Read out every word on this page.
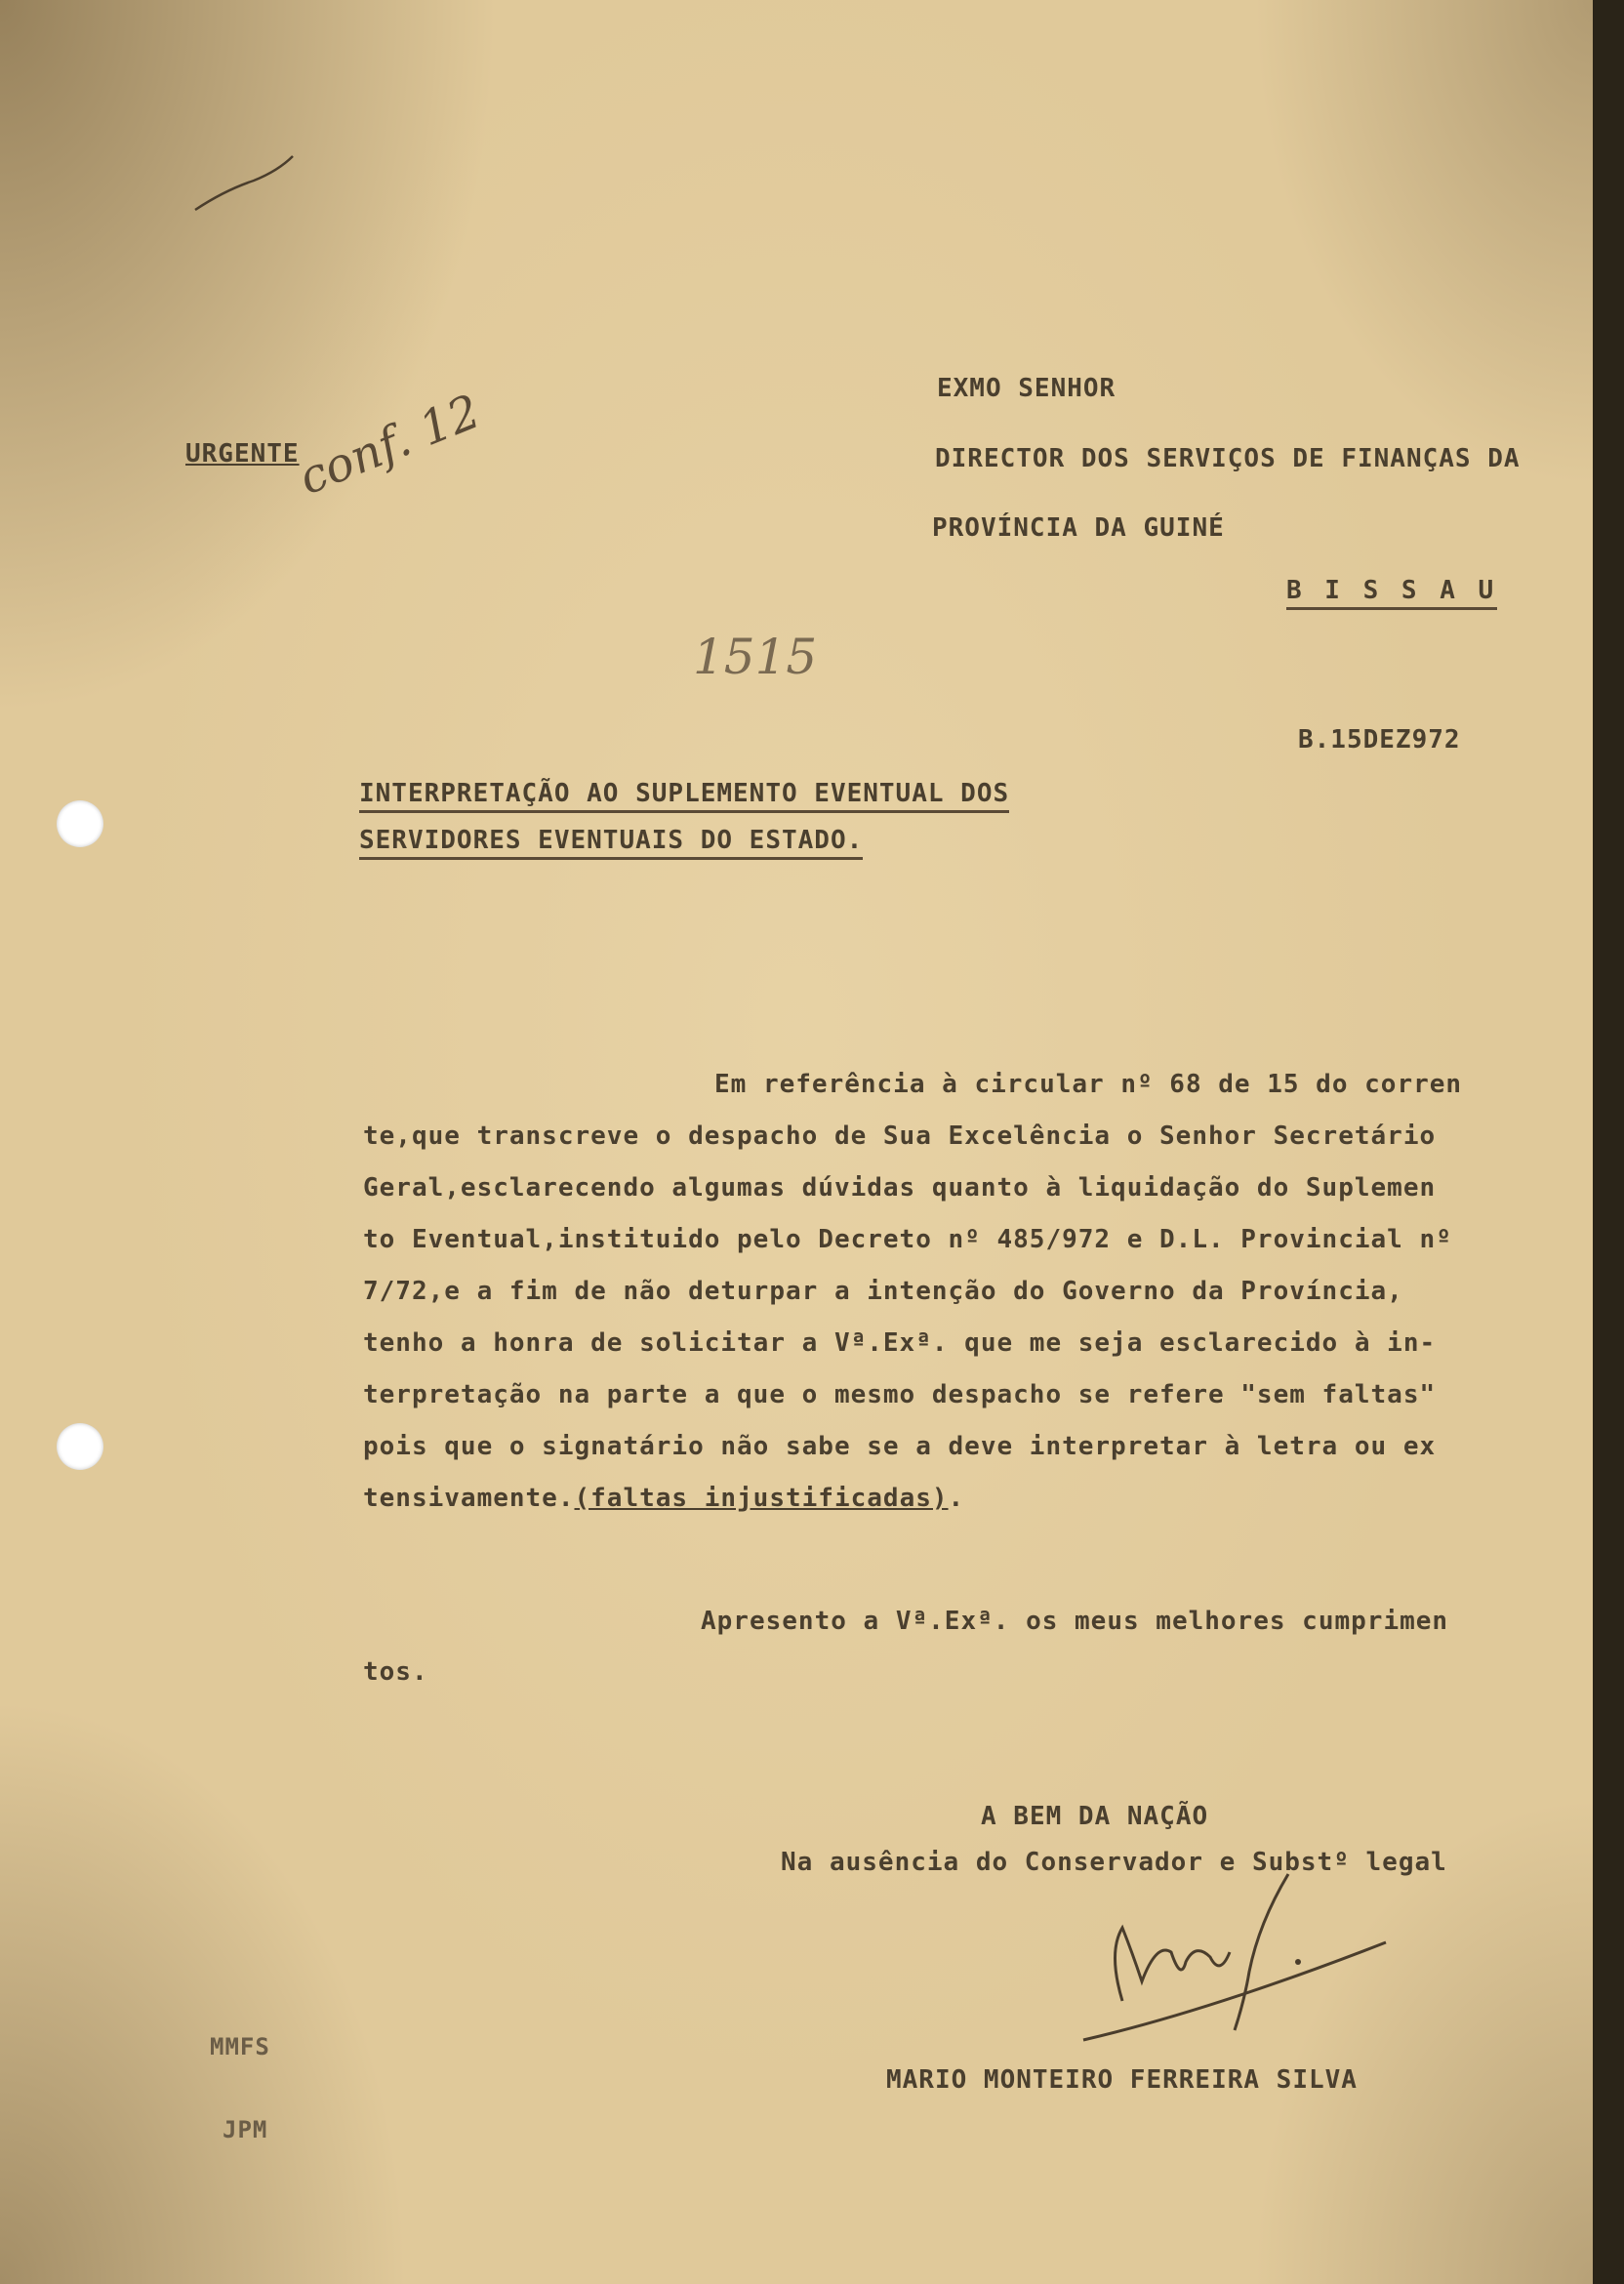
URGENTE

conf. 12	EXMO SENHOR

DIRECTOR DOS SERVIÇOS DE FINANÇAS DA

PROVÍNCIA DA GUINÉ

B I S S A U

1515

B.15DEZ972

INTERPRETAÇÃO AO SUPLEMENTO EVENTUAL DOS

SERVIDORES EVENTUAIS DO ESTADO.

Em referência à circular nº 68 de 15 do corren
te,que transcreve o despacho de Sua Excelência o Senhor Secretário
Geral,esclarecendo algumas dúvidas quanto à liquidação do Suplemen
to Eventual,instituido pelo Decreto nº 485/972 e D.L. Provincial nº
7/72,e a fim de não deturpar a intenção do Governo da Província,
tenho a honra de solicitar a Vª.Exª. que me seja esclarecido à in-
terpretação na parte a que o mesmo despacho se refere "sem faltas"
pois que o signatário não sabe se a deve interpretar à letra ou ex
tensivamente.(faltas injustificadas).

Apresento a Vª.Exª. os meus melhores cumprimen

tos.

A BEM DA NAÇÃO

Na ausência do Conservador e Substº legal

MARIO MONTEIRO FERREIRA SILVA

MMFS

JPM
